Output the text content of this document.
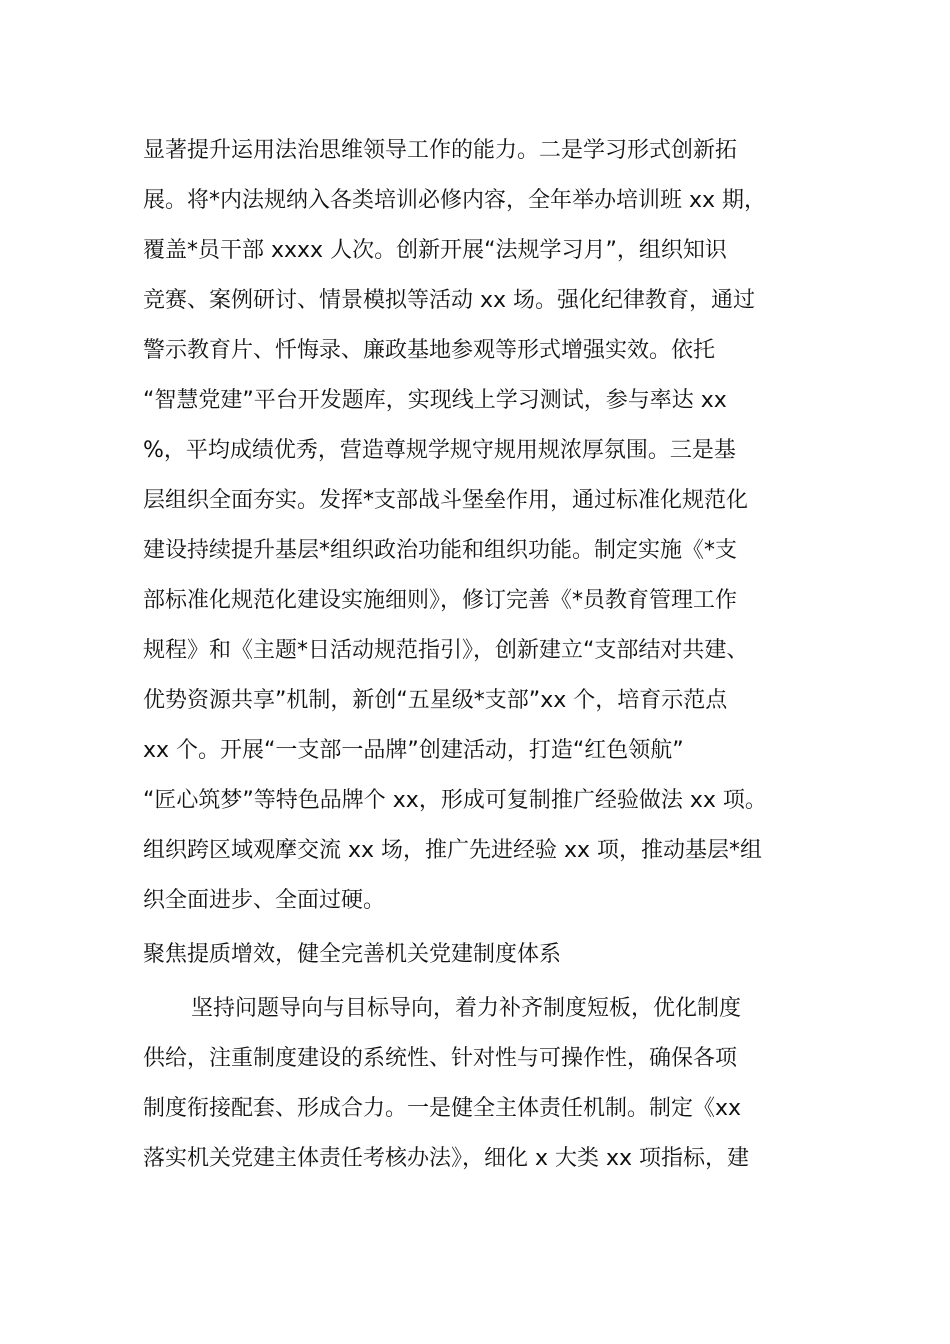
显著提升运用法治思维领导工作的能力。二是学习形式创新拓
展。将*内法规纳入各类培训必修内容，全年举办培训班 xx 期，
覆盖*员干部 xxxx 人次。创新开展“法规学习月”，组织知识
竞赛、案例研讨、情景模拟等活动 xx 场。强化纪律教育，通过
警示教育片、忏悔录、廉政基地参观等形式增强实效。依托
“智慧党建”平台开发题库，实现线上学习测试，参与率达 xx
%，平均成绩优秀，营造尊规学规守规用规浓厚氛围。三是基
层组织全面夯实。发挥*支部战斗堡垒作用，通过标准化规范化
建设持续提升基层*组织政治功能和组织功能。制定实施《*支
部标准化规范化建设实施细则》，修订完善《*员教育管理工作
规程》和《主题*日活动规范指引》，创新建立“支部结对共建、
优势资源共享”机制，新创“五星级*支部”xx 个，培育示范点
xx 个。开展“一支部一品牌”创建活动，打造“红色领航”
“匠心筑梦”等特色品牌个 xx，形成可复制推广经验做法 xx 项。
组织跨区域观摩交流 xx 场，推广先进经验 xx 项，推动基层*组
织全面进步、全面过硬。
聚焦提质增效，健全完善机关党建制度体系
坚持问题导向与目标导向，着力补齐制度短板，优化制度
供给，注重制度建设的系统性、针对性与可操作性，确保各项
制度衔接配套、形成合力。一是健全主体责任机制。制定《xx
落实机关党建主体责任考核办法》，细化 x 大类 xx 项指标，建
